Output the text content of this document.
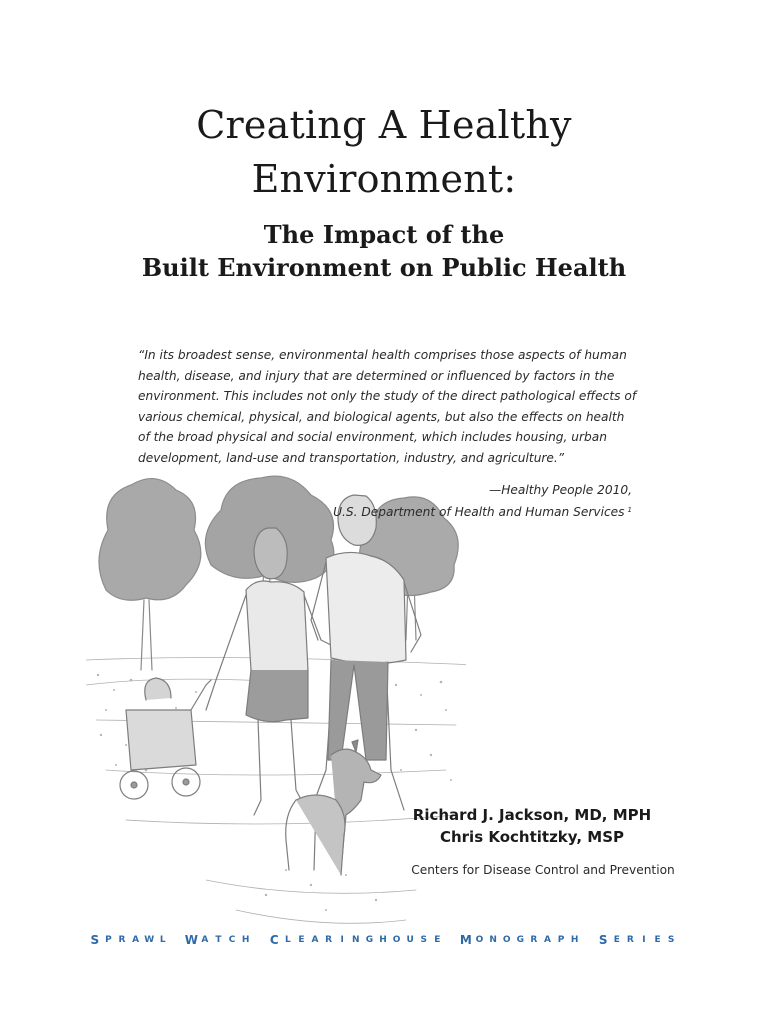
Creating A Healthy
Environment:
The Impact of the
Built Environment on Public Health

“In its broadest sense, environmental health comprises those aspects of human health, disease, and injury that are determined or influenced by factors in the environment. This includes not only the study of the direct pathological effects of various chemical, physical, and biological agents, but also the effects on health of the broad physical and social environment, which includes housing, urban development, land-use and transportation, industry, and agriculture.”

—Healthy People 2010,
U.S. Department of Health and Human Services $^1$
Richard J. Jackson, MD, MPH
Chris Kochtitzky, MSP
Centers for Disease Control and Prevention
S P R A W L	W A T C H C L E A R I N G H O U S E	M O N O G R A P H S E R I E S
